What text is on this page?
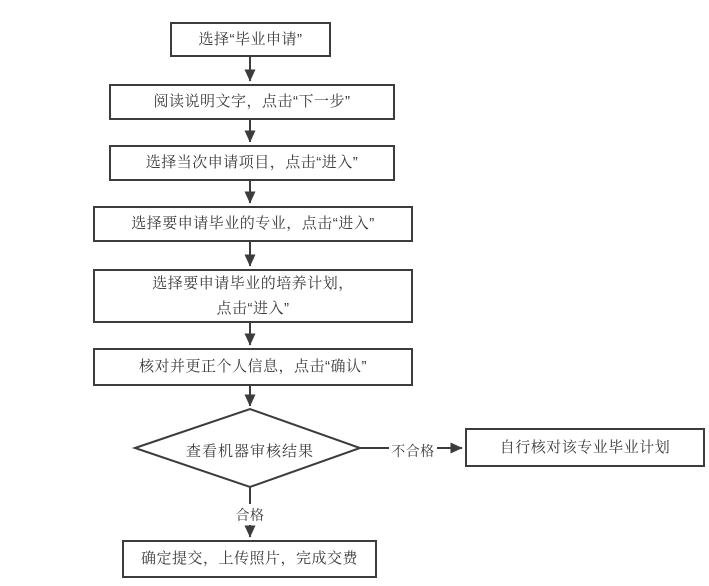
选择“毕业申请”
阅读说明文字，点击“下一步”
选择当次申请项目，点击“进入”
选择要申请毕业的专业，点击“进入”
选择要申请毕业的培养计划，
点击“进入”
核对并更正个人信息，点击“确认”
查看机器审核结果	不合格	自行核对该专业毕业计划
合格
确定提交，上传照片，完成交费
